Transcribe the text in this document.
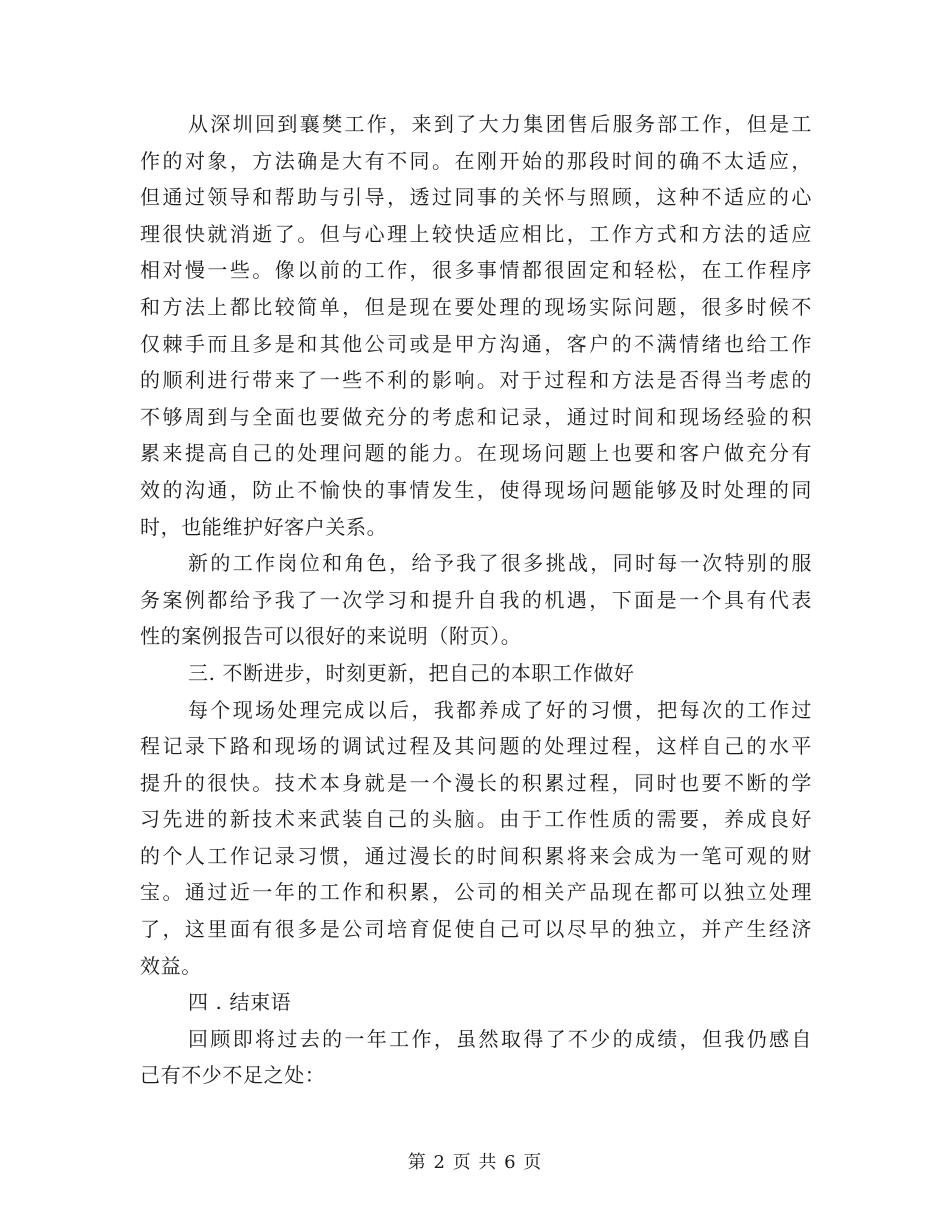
从深圳回到襄樊工作，来到了大力集团售后服务部工作，但是工
作的对象，方法确是大有不同。在刚开始的那段时间的确不太适应，
但通过领导和帮助与引导，透过同事的关怀与照顾，这种不适应的心
理很快就消逝了。但与心理上较快适应相比，工作方式和方法的适应
相对慢一些。像以前的工作，很多事情都很固定和轻松，在工作程序
和方法上都比较简单，但是现在要处理的现场实际问题，很多时候不
仅棘手而且多是和其他公司或是甲方沟通，客户的不满情绪也给工作
的顺利进行带来了一些不利的影响。对于过程和方法是否得当考虑的
不够周到与全面也要做充分的考虑和记录，通过时间和现场经验的积
累来提高自己的处理问题的能力。在现场问题上也要和客户做充分有
效的沟通，防止不愉快的事情发生，使得现场问题能够及时处理的同
时，也能维护好客户关系。
新的工作岗位和角色，给予我了很多挑战，同时每一次特别的服
务案例都给予我了一次学习和提升自我的机遇，下面是一个具有代表
性的案例报告可以很好的来说明（附页）。
三. 不断进步，时刻更新，把自己的本职工作做好
每个现场处理完成以后，我都养成了好的习惯，把每次的工作过
程记录下路和现场的调试过程及其问题的处理过程，这样自己的水平
提升的很快。技术本身就是一个漫长的积累过程，同时也要不断的学
习先进的新技术来武装自己的头脑。由于工作性质的需要，养成良好
的个人工作记录习惯，通过漫长的时间积累将来会成为一笔可观的财
宝。通过近一年的工作和积累，公司的相关产品现在都可以独立处理
了，这里面有很多是公司培育促使自己可以尽早的独立，并产生经济
效益。
四 . 结束语
回顾即将过去的一年工作，虽然取得了不少的成绩，但我仍感自
己有不少不足之处：
第 2 页 共 6 页
